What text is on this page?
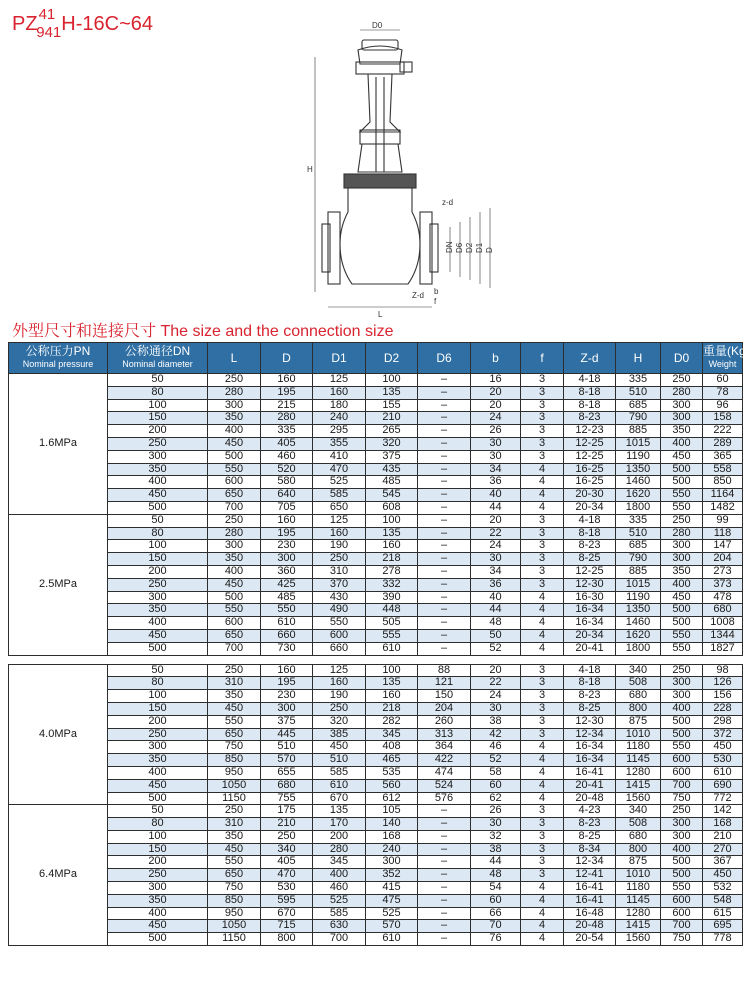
$PZ^{41}_{941}H-16C\sim 64$	D0
H
z-d
DN D6 D2 D1 D
Z-d b
f
L
外型尺寸和连接尺寸 The size and the connection size
公称压力PN
Nominal pressure	公称通径DN
Nominal diameter	L	D	D1	D2	D6	b	f	Z-d	H	D0	重量(Kg)
Weight

1.6MPa	50	250	160	125	100	–	16	3	4-18	335	250	60
	80	280	195	160	135	–	20	3	8-18	510	280	78
	100	300	215	180	155	–	20	3	8-18	685	300	96
	150	350	280	240	210	–	24	3	8-23	790	300	158
	200	400	335	295	265	–	26	3	12-23	885	350	222
	250	450	405	355	320	–	30	3	12-25	1015	400	289
	300	500	460	410	375	–	30	3	12-25	1190	450	365
	350	550	520	470	435	–	34	4	16-25	1350	500	558
	400	600	580	525	485	–	36	4	16-25	1460	500	850
	450	650	640	585	545	–	40	4	20-30	1620	550	1164
	500	700	705	650	608	–	44	4	20-34	1800	550	1482
2.5MPa	50	250	160	125	100	–	20	3	4-18	335	250	99
	80	280	195	160	135	–	22	3	8-18	510	280	118
	100	300	230	190	160	–	24	3	8-23	685	300	147
	150	350	300	250	218	–	30	3	8-25	790	300	204
	200	400	360	310	278	–	34	3	12-25	885	350	273
	250	450	425	370	332	–	36	3	12-30	1015	400	373
	300	500	485	430	390	–	40	4	16-30	1190	450	478
	350	550	550	490	448	–	44	4	16-34	1350	500	680
	400	600	610	550	505	–	48	4	16-34	1460	500	1008
	450	650	660	600	555	–	50	4	20-34	1620	550	1344
	500	700	730	660	610	–	52	4	20-41	1800	550	1827

4.0MPa	50	250	160	125	100	88	20	3	4-18	340	250	98
	80	310	195	160	135	121	22	3	8-18	508	300	126
	100	350	230	190	160	150	24	3	8-23	680	300	156
	150	450	300	250	218	204	30	3	8-25	800	400	228
	200	550	375	320	282	260	38	3	12-30	875	500	298
	250	650	445	385	345	313	42	3	12-34	1010	500	372
	300	750	510	450	408	364	46	4	16-34	1180	550	450
	350	850	570	510	465	422	52	4	16-34	1145	600	530
	400	950	655	585	535	474	58	4	16-41	1280	600	610
	450	1050	680	610	560	524	60	4	20-41	1415	700	690
	500	1150	755	670	612	576	62	4	20-48	1560	750	772
6.4MPa	50	250	175	135	105	–	26	3	4-23	340	250	142
	80	310	210	170	140	–	30	3	8-23	508	300	168
	100	350	250	200	168	–	32	3	8-25	680	300	210
	150	450	340	280	240	–	38	3	8-34	800	400	270
	200	550	405	345	300	–	44	3	12-34	875	500	367
	250	650	470	400	352	–	48	3	12-41	1010	500	450
	300	750	530	460	415	–	54	4	16-41	1180	550	532
	350	850	595	525	475	–	60	4	16-41	1145	600	548
	400	950	670	585	525	–	66	4	16-48	1280	600	615
	450	1050	715	630	570	–	70	4	20-48	1415	700	695
	500	1150	800	700	610	–	76	4	20-54	1560	750	778
